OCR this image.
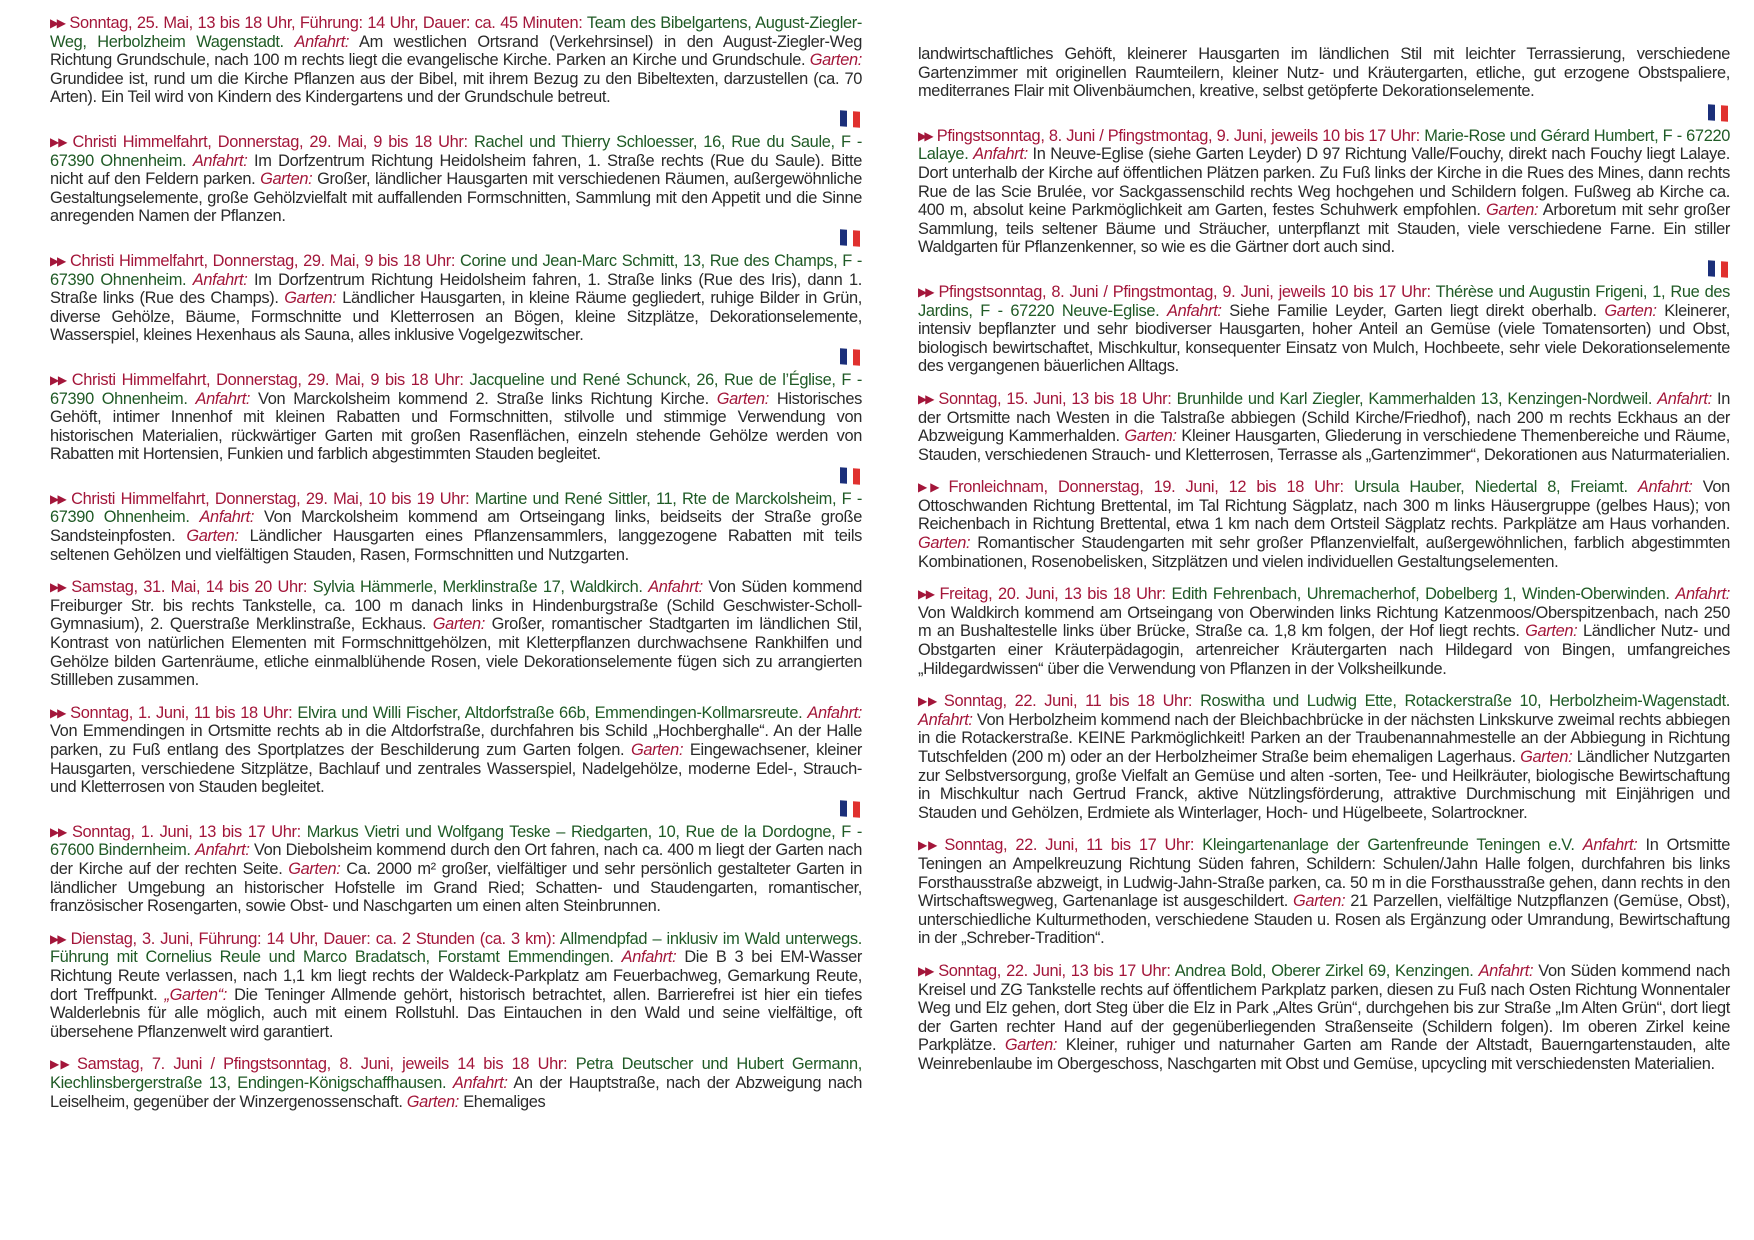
▶▶ Sonntag, 25. Mai, 13 bis 18 Uhr, Führung: 14 Uhr, Dauer: ca. 45 Minuten: Team des Bibelgartens, August-Ziegler-Weg, Herbolzheim Wagenstadt. Anfahrt: Am westlichen Ortsrand (Verkehrsinsel) in den August-Ziegler-Weg Richtung Grundschule, nach 100 m rechts liegt die evangelische Kirche. Parken an Kirche und Grundschule. Garten: Grundidee ist, rund um die Kirche Pflanzen aus der Bibel, mit ihrem Bezug zu den Bibeltexten, darzustellen (ca. 70 Arten). Ein Teil wird von Kindern des Kindergartens und der Grundschule betreut.
▶▶ Christi Himmelfahrt, Donnerstag, 29. Mai, 9 bis 18 Uhr: Rachel und Thierry Schloesser, 16, Rue du Saule, F - 67390 Ohnenheim. Anfahrt: Im Dorfzentrum Richtung Heidolsheim fahren, 1. Straße rechts (Rue du Saule). Bitte nicht auf den Feldern parken. Garten: Großer, ländlicher Hausgarten mit verschiedenen Räumen, außergewöhnliche Gestaltungselemente, große Gehölzvielfalt mit auffallenden Formschnitten, Sammlung mit den Appetit und die Sinne anregenden Namen der Pflanzen.
▶▶ Christi Himmelfahrt, Donnerstag, 29. Mai, 9 bis 18 Uhr: Corine und Jean-Marc Schmitt, 13, Rue des Champs, F - 67390 Ohnenheim. Anfahrt: Im Dorfzentrum Richtung Heidolsheim fahren, 1. Straße links (Rue des Iris), dann 1. Straße links (Rue des Champs). Garten: Ländlicher Hausgarten, in kleine Räume gegliedert, ruhige Bilder in Grün, diverse Gehölze, Bäume, Formschnitte und Kletterrosen an Bögen, kleine Sitzplätze, Dekorationselemente, Wasserspiel, kleines Hexenhaus als Sauna, alles inklusive Vogelgezwitscher.
▶▶ Christi Himmelfahrt, Donnerstag, 29. Mai, 9 bis 18 Uhr: Jacqueline und René Schunck, 26, Rue de l’Église, F - 67390 Ohnenheim. Anfahrt: Von Marckolsheim kommend 2. Straße links Richtung Kirche. Garten: Historisches Gehöft, intimer Innenhof mit kleinen Rabatten und Formschnitten, stilvolle und stimmige Verwendung von historischen Materialien, rückwärtiger Garten mit großen Rasenflächen, einzeln stehende Gehölze werden von Rabatten mit Hortensien, Funkien und farblich abgestimmten Stauden begleitet.
▶▶ Christi Himmelfahrt, Donnerstag, 29. Mai, 10 bis 19 Uhr: Martine und René Sittler, 11, Rte de Marckolsheim, F - 67390 Ohnenheim. Anfahrt: Von Marckolsheim kommend am Ortseingang links, beidseits der Straße große Sandsteinpfosten. Garten: Ländlicher Hausgarten eines Pflanzensammlers, langgezogene Rabatten mit teils seltenen Gehölzen und vielfältigen Stauden, Rasen, Formschnitten und Nutzgarten.
▶▶ Samstag, 31. Mai, 14 bis 20 Uhr: Sylvia Hämmerle, Merklinstraße 17, Waldkirch. Anfahrt: Von Süden kommend Freiburger Str. bis rechts Tankstelle, ca. 100 m danach links in Hindenburgstraße (Schild Geschwister-Scholl-Gymnasium), 2. Querstraße Merklinstraße, Eckhaus. Garten: Großer, romantischer Stadtgarten im ländlichen Stil, Kontrast von natürlichen Elementen mit Formschnittgehölzen, mit Kletterpflanzen durchwachsene Rankhilfen und Gehölze bilden Gartenräume, etliche einmalblühende Rosen, viele Dekorationselemente fügen sich zu arrangierten Stillleben zusammen.
▶▶ Sonntag, 1. Juni, 11 bis 18 Uhr: Elvira und Willi Fischer, Altdorfstraße 66b, Emmendingen-Kollmarsreute. Anfahrt: Von Emmendingen in Ortsmitte rechts ab in die Altdorfstraße, durchfahren bis Schild „Hochberghalle“. An der Halle parken, zu Fuß entlang des Sportplatzes der Beschilderung zum Garten folgen. Garten: Eingewachsener, kleiner Hausgarten, verschiedene Sitzplätze, Bachlauf und zentrales Wasserspiel, Nadelgehölze, moderne Edel-, Strauch- und Kletterrosen von Stauden begleitet.
▶▶ Sonntag, 1. Juni, 13 bis 17 Uhr: Markus Vietri und Wolfgang Teske – Riedgarten, 10, Rue de la Dordogne, F - 67600 Bindernheim. Anfahrt: Von Diebolsheim kommend durch den Ort fahren, nach ca. 400 m liegt der Garten nach der Kirche auf der rechten Seite. Garten: Ca. 2000 m² großer, vielfältiger und sehr persönlich gestalteter Garten in ländlicher Umgebung an historischer Hofstelle im Grand Ried; Schatten- und Staudengarten, romantischer, französischer Rosengarten, sowie Obst- und Naschgarten um einen alten Steinbrunnen.
▶▶ Dienstag, 3. Juni, Führung: 14 Uhr, Dauer: ca. 2 Stunden (ca. 3 km): Allmendpfad – inklusiv im Wald unterwegs. Führung mit Cornelius Reule und Marco Bradatsch, Forstamt Emmendingen. Anfahrt: Die B 3 bei EM-Wasser Richtung Reute verlassen, nach 1,1 km liegt rechts der Waldeck-Parkplatz am Feuerbachweg, Gemarkung Reute, dort Treffpunkt. „Garten“: Die Teninger Allmende gehört, historisch betrachtet, allen. Barrierefrei ist hier ein tiefes Walderlebnis für alle möglich, auch mit einem Rollstuhl. Das Eintauchen in den Wald und seine vielfältige, oft übersehene Pflanzenwelt wird garantiert.
▶▶ Samstag, 7. Juni / Pfingstsonntag, 8. Juni, jeweils 14 bis 18 Uhr: Petra Deutscher und Hubert Germann, Kiechlinsbergerstraße 13, Endingen-Königschaffhausen. Anfahrt: An der Hauptstraße, nach der Abzweigung nach Leiselheim, gegenüber der Winzergenossenschaft. Garten: Ehemaliges
landwirtschaftliches Gehöft, kleinerer Hausgarten im ländlichen Stil mit leichter Terrassierung, verschiedene Gartenzimmer mit originellen Raumteilern, kleiner Nutz- und Kräutergarten, etliche, gut erzogene Obstspaliere, mediterranes Flair mit Olivenbäumchen, kreative, selbst getöpferte Dekorationselemente.
▶▶ Pfingstsonntag, 8. Juni / Pfingstmontag, 9. Juni, jeweils 10 bis 17 Uhr: Marie-Rose und Gérard Humbert, F - 67220 Lalaye. Anfahrt: In Neuve-Eglise (siehe Garten Leyder) D 97 Richtung Valle/Fouchy, direkt nach Fouchy liegt Lalaye. Dort unterhalb der Kirche auf öffentlichen Plätzen parken. Zu Fuß links der Kirche in die Rues des Mines, dann rechts Rue de las Scie Brulée, vor Sackgassenschild rechts Weg hochgehen und Schildern folgen. Fußweg ab Kirche ca. 400 m, absolut keine Parkmöglichkeit am Garten, festes Schuhwerk empfohlen. Garten: Arboretum mit sehr großer Sammlung, teils seltener Bäume und Sträucher, unterpflanzt mit Stauden, viele verschiedene Farne. Ein stiller Waldgarten für Pflanzenkenner, so wie es die Gärtner dort auch sind.
▶▶ Pfingstsonntag, 8. Juni / Pfingstmontag, 9. Juni, jeweils 10 bis 17 Uhr: Thérèse und Augustin Frigeni, 1, Rue des Jardins, F - 67220 Neuve-Eglise. Anfahrt: Siehe Familie Leyder, Garten liegt direkt oberhalb. Garten: Kleinerer, intensiv bepflanzter und sehr biodiverser Hausgarten, hoher Anteil an Gemüse (viele Tomatensorten) und Obst, biologisch bewirtschaftet, Mischkultur, konsequenter Einsatz von Mulch, Hochbeete, sehr viele Dekorationselemente des vergangenen bäuerlichen Alltags.
▶▶ Sonntag, 15. Juni, 13 bis 18 Uhr: Brunhilde und Karl Ziegler, Kammerhalden 13, Kenzingen-Nordweil. Anfahrt: In der Ortsmitte nach Westen in die Talstraße abbiegen (Schild Kirche/Friedhof), nach 200 m rechts Eckhaus an der Abzweigung Kammerhalden. Garten: Kleiner Hausgarten, Gliederung in verschiedene Themenbereiche und Räume, Stauden, verschiedenen Strauch- und Kletterrosen, Terrasse als „Gartenzimmer“, Dekorationen aus Naturmaterialien.
▶▶ Fronleichnam, Donnerstag, 19. Juni, 12 bis 18 Uhr: Ursula Hauber, Niedertal 8, Freiamt. Anfahrt: Von Ottoschwanden Richtung Brettental, im Tal Richtung Sägplatz, nach 300 m links Häusergruppe (gelbes Haus); von Reichenbach in Richtung Brettental, etwa 1 km nach dem Ortsteil Sägplatz rechts. Parkplätze am Haus vorhanden. Garten: Romantischer Staudengarten mit sehr großer Pflanzenvielfalt, außergewöhnlichen, farblich abgestimmten Kombinationen, Rosenobelisken, Sitzplätzen und vielen individuellen Gestaltungselementen.
▶▶ Freitag, 20. Juni, 13 bis 18 Uhr: Edith Fehrenbach, Uhremacherhof, Dobelberg 1, Winden-Oberwinden. Anfahrt: Von Waldkirch kommend am Ortseingang von Oberwinden links Richtung Katzenmoos/Oberspitzenbach, nach 250 m an Bushaltestelle links über Brücke, Straße ca. 1,8 km folgen, der Hof liegt rechts. Garten: Ländlicher Nutz- und Obstgarten einer Kräuterpädagogin, artenreicher Kräutergarten nach Hildegard von Bingen, umfangreiches „Hildegardwissen“ über die Verwendung von Pflanzen in der Volksheilkunde.
▶▶ Sonntag, 22. Juni, 11 bis 18 Uhr: Roswitha und Ludwig Ette, Rotackerstraße 10, Herbolzheim-Wagenstadt. Anfahrt: Von Herbolzheim kommend nach der Bleichbachbrücke in der nächsten Linkskurve zweimal rechts abbiegen in die Rotackerstraße. KEINE Parkmöglichkeit! Parken an der Traubenannahmestelle an der Abbiegung in Richtung Tutschfelden (200 m) oder an der Herbolzheimer Straße beim ehemaligen Lagerhaus. Garten: Ländlicher Nutzgarten zur Selbstversorgung, große Vielfalt an Gemüse und alten -sorten, Tee- und Heilkräuter, biologische Bewirtschaftung in Mischkultur nach Gertrud Franck, aktive Nützlingsförderung, attraktive Durchmischung mit Einjährigen und Stauden und Gehölzen, Erdmiete als Winterlager, Hoch- und Hügelbeete, Solartrockner.
▶▶ Sonntag, 22. Juni, 11 bis 17 Uhr: Kleingartenanlage der Gartenfreunde Teningen e.V. Anfahrt: In Ortsmitte Teningen an Ampelkreuzung Richtung Süden fahren, Schildern: Schulen/Jahn Halle folgen, durchfahren bis links Forsthausstraße abzweigt, in Ludwig-Jahn-Straße parken, ca. 50 m in die Forsthausstraße gehen, dann rechts in den Wirtschaftswegweg, Gartenanlage ist ausgeschildert. Garten: 21 Parzellen, vielfältige Nutzpflanzen (Gemüse, Obst), unterschiedliche Kulturmethoden, verschiedene Stauden u. Rosen als Ergänzung oder Umrandung, Bewirtschaftung in der „Schreber-Tradition“.
▶▶ Sonntag, 22. Juni, 13 bis 17 Uhr: Andrea Bold, Oberer Zirkel 69, Kenzingen. Anfahrt: Von Süden kommend nach Kreisel und ZG Tankstelle rechts auf öffentlichem Parkplatz parken, diesen zu Fuß nach Osten Richtung Wonnentaler Weg und Elz gehen, dort Steg über die Elz in Park „Altes Grün“, durchgehen bis zur Straße „Im Alten Grün“, dort liegt der Garten rechter Hand auf der gegenüberliegenden Straßenseite (Schildern folgen). Im oberen Zirkel keine Parkplätze. Garten: Kleiner, ruhiger und naturnaher Garten am Rande der Altstadt, Bauerngartenstauden, alte Weinrebenlaube im Obergeschoss, Naschgarten mit Obst und Gemüse, upcycling mit verschiedensten Materialien.
